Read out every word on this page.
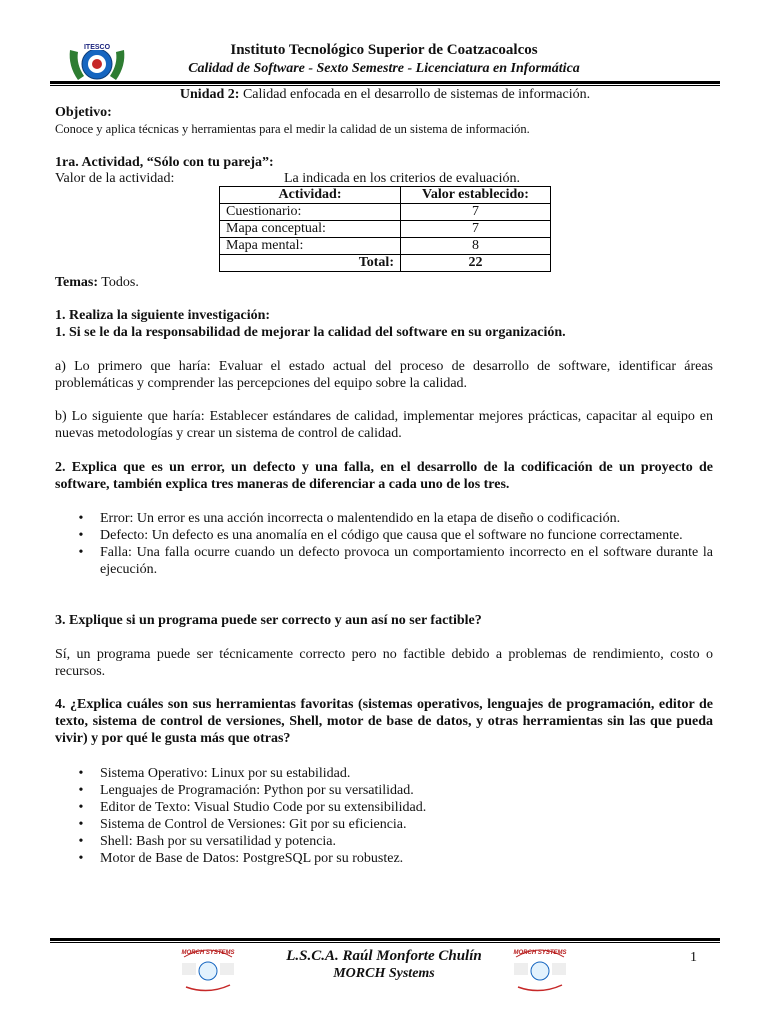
ITESCO	Instituto Tecnológico Superior de Coatzacoalcos
Calidad de Software - Sexto Semestre - Licenciatura en Informática
Unidad 2: Calidad enfocada en el desarrollo de sistemas de información.
Objetivo:
Conoce y aplica técnicas y herramientas para el medir la calidad de un sistema de información.
1ra. Actividad, “Sólo con tu pareja”:
Valor de la actividad:	La indicada en los criterios de evaluación.
Actividad:	Valor establecido:
Cuestionario:	7
Mapa conceptual:	7
Mapa mental:	8
Total:	22
Temas: Todos.
1. Realiza la siguiente investigación:
1. Si se le da la responsabilidad de mejorar la calidad del software en su organización.
a) Lo primero que haría: Evaluar el estado actual del proceso de desarrollo de software, identificar áreas problemáticas y comprender las percepciones del equipo sobre la calidad.
b) Lo siguiente que haría: Establecer estándares de calidad, implementar mejores prácticas, capacitar al equipo en nuevas metodologías y crear un sistema de control de calidad.
2. Explica que es un error, un defecto y una falla, en el desarrollo de la codificación de un proyecto de software, también explica tres maneras de diferenciar a cada uno de los tres.
• Error: Un error es una acción incorrecta o malentendido en la etapa de diseño o codificación.
• Defecto: Un defecto es una anomalía en el código que causa que el software no funcione correctamente.
• Falla: Una falla ocurre cuando un defecto provoca un comportamiento incorrecto en el software durante la ejecución.
3. Explique si un programa puede ser correcto y aun así no ser factible?
Sí, un programa puede ser técnicamente correcto pero no factible debido a problemas de rendimiento, costo o recursos.
4. ¿Explica cuáles son sus herramientas favoritas (sistemas operativos, lenguajes de programación, editor de texto, sistema de control de versiones, Shell, motor de base de datos, y otras herramientas sin las que pueda vivir) y por qué le gusta más que otras?
• Sistema Operativo: Linux por su estabilidad.
• Lenguajes de Programación: Python por su versatilidad.
• Editor de Texto: Visual Studio Code por su extensibilidad.
• Sistema de Control de Versiones: Git por su eficiencia.
• Shell: Bash por su versatilidad y potencia.
• Motor de Base de Datos: PostgreSQL por su robustez.
MORCH SYSTEMS	L.S.C.A. Raúl Monforte Chulín
MORCH Systems
MORCH SYSTEMS	1
